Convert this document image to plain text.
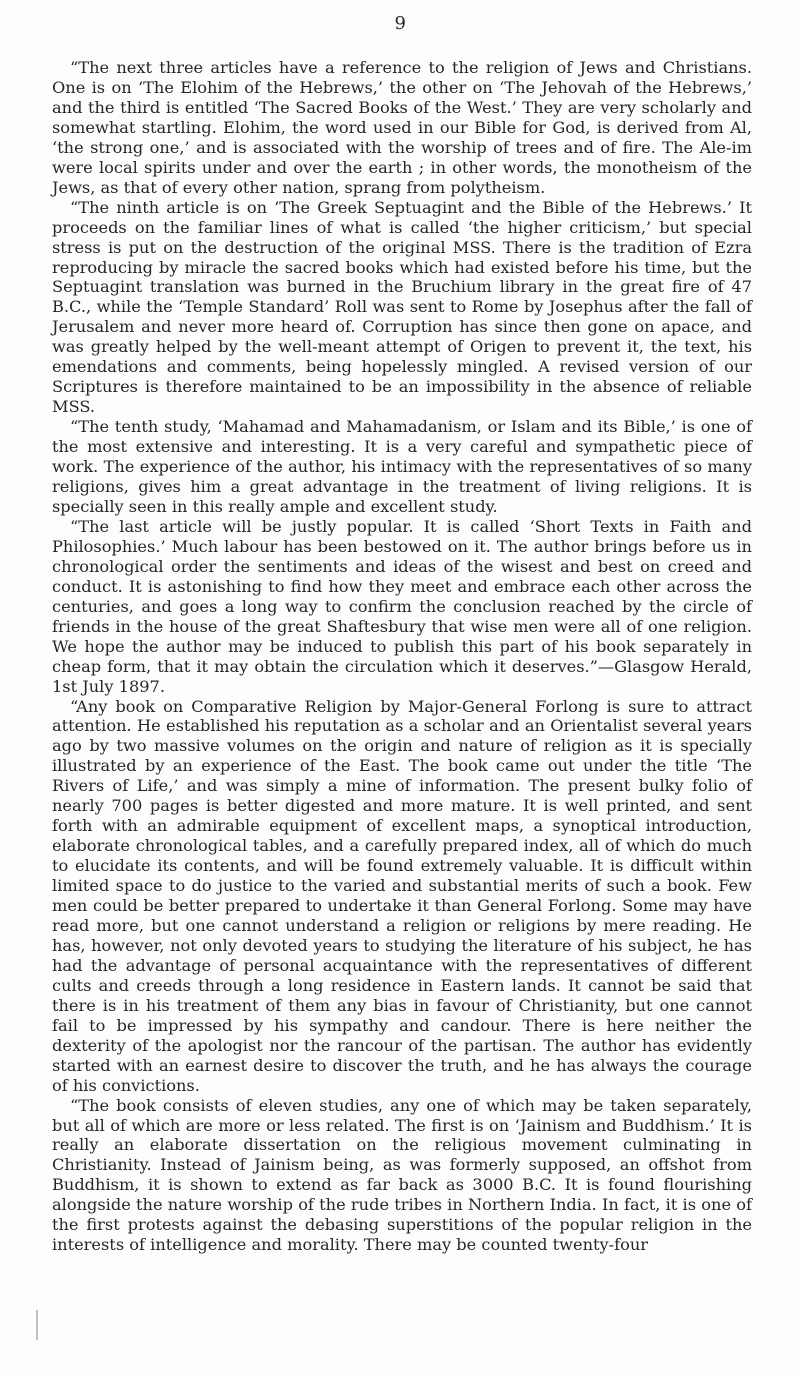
9

“The next three articles have a reference to the religion of Jews and Christians. One is on ‘The Elohim of the Hebrews,’ the other on ‘The Jehovah of the Hebrews,’ and the third is entitled ‘The Sacred Books of the West.’ They are very scholarly and somewhat startling. Elohim, the word used in our Bible for God, is derived from Al, ‘the strong one,’ and is associated with the worship of trees and of fire. The Ale-im were local spirits under and over the earth ; in other words, the monotheism of the Jews, as that of every other nation, sprang from polytheism.

“The ninth article is on ‘The Greek Septuagint and the Bible of the Hebrews.’ It proceeds on the familiar lines of what is called ‘the higher criticism,’ but special stress is put on the destruction of the original MSS. There is the tradition of Ezra reproducing by miracle the sacred books which had existed before his time, but the Septuagint translation was burned in the Bruchium library in the great fire of 47 B.C., while the ‘Temple Standard’ Roll was sent to Rome by Josephus after the fall of Jerusalem and never more heard of. Corruption has since then gone on apace, and was greatly helped by the well-meant attempt of Origen to prevent it, the text, his emendations and comments, being hopelessly mingled. A revised version of our Scriptures is therefore maintained to be an impossibility in the absence of reliable MSS.

“The tenth study, ‘Mahamad and Mahamadanism, or Islam and its Bible,’ is one of the most extensive and interesting. It is a very careful and sympathetic piece of work. The experience of the author, his intimacy with the representatives of so many religions, gives him a great advantage in the treatment of living religions. It is specially seen in this really ample and excellent study.

“The last article will be justly popular. It is called ‘Short Texts in Faith and Philosophies.’ Much labour has been bestowed on it. The author brings before us in chronological order the sentiments and ideas of the wisest and best on creed and conduct. It is astonishing to find how they meet and embrace each other across the centuries, and goes a long way to confirm the conclusion reached by the circle of friends in the house of the great Shaftesbury that wise men were all of one religion. We hope the author may be induced to publish this part of his book separately in cheap form, that it may obtain the circulation which it deserves.”—Glasgow Herald, 1st July 1897.

“Any book on Comparative Religion by Major-General Forlong is sure to attract attention. He established his reputation as a scholar and an Orientalist several years ago by two massive volumes on the origin and nature of religion as it is specially illustrated by an experience of the East. The book came out under the title ‘The Rivers of Life,’ and was simply a mine of information. The present bulky folio of nearly 700 pages is better digested and more mature. It is well printed, and sent forth with an admirable equipment of excellent maps, a synoptical introduction, elaborate chronological tables, and a carefully prepared index, all of which do much to elucidate its contents, and will be found extremely valuable. It is difficult within limited space to do justice to the varied and substantial merits of such a book. Few men could be better prepared to undertake it than General Forlong. Some may have read more, but one cannot understand a religion or religions by mere reading. He has, however, not only devoted years to studying the literature of his subject, he has had the advantage of personal acquaintance with the representatives of different cults and creeds through a long residence in Eastern lands. It cannot be said that there is in his treatment of them any bias in favour of Christianity, but one cannot fail to be impressed by his sympathy and candour. There is here neither the dexterity of the apologist nor the rancour of the partisan. The author has evidently started with an earnest desire to discover the truth, and he has always the courage of his convictions.

“The book consists of eleven studies, any one of which may be taken separately, but all of which are more or less related. The first is on ‘Jainism and Buddhism.’ It is really an elaborate dissertation on the religious movement culminating in Christianity. Instead of Jainism being, as was formerly supposed, an offshot from Buddhism, it is shown to extend as far back as 3000 B.C. It is found flourishing alongside the nature worship of the rude tribes in Northern India. In fact, it is one of the first protests against the debasing superstitions of the popular religion in the interests of intelligence and morality. There may be counted twenty-four
